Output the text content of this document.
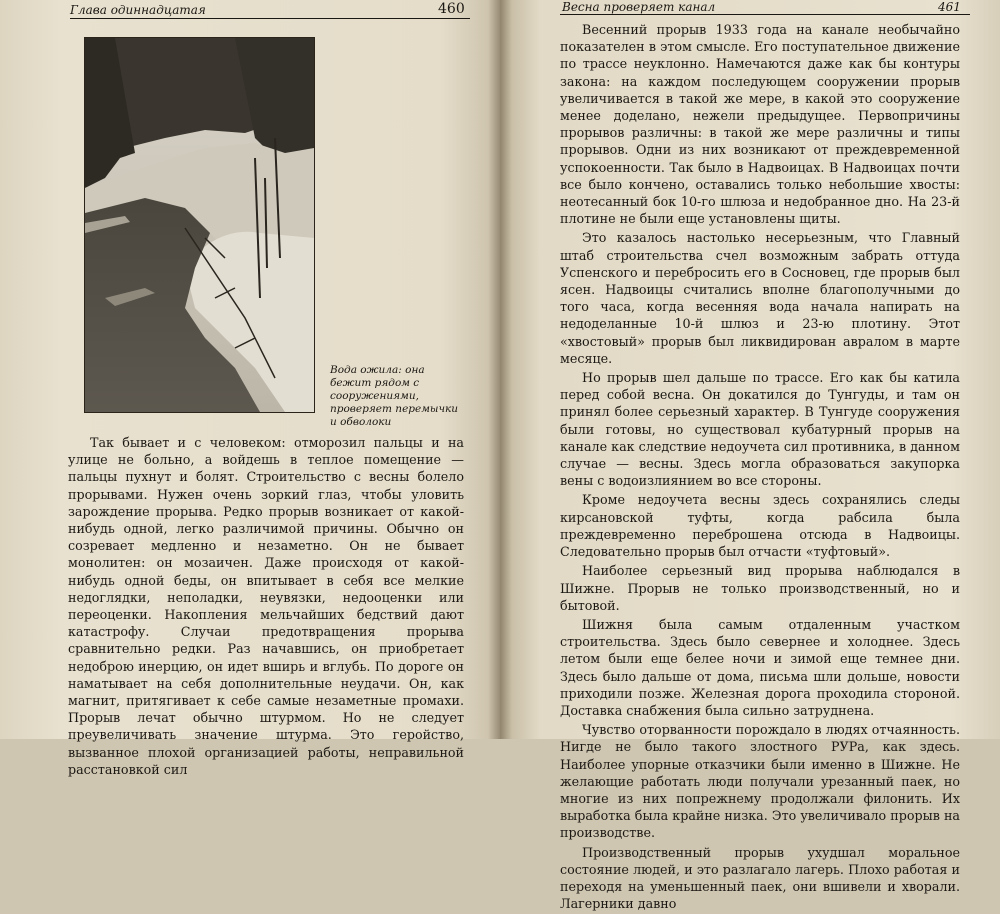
Глава одиннадцатая	460
Вода ожила: она бежит рядом с сооружениями, проверяет перемычки и обволоки

Так бывает и с человеком: отморозил пальцы и на улице не больно, а войдешь в теплое помещение — пальцы пухнут и болят. Строительство с весны болело прорывами. Нужен очень зоркий глаз, чтобы уловить зарождение прорыва. Редко прорыв возникает от какой-нибудь одной, легко различимой причины. Обычно он созревает медленно и незаметно. Он не бывает монолитен: он мозаичен. Даже происходя от какой-нибудь одной беды, он впитывает в себя все мелкие недоглядки, неполадки, неувязки, недооценки или переоценки. Накопления мельчайших бедствий дают катастрофу. Случаи предотвращения прорыва сравнительно редки. Раз начавшись, он приобретает недоброю инерцию, он идет вширь и вглубь. По дороге он наматывает на себя дополнительные неудачи. Он, как магнит, притягивает к себе самые незаметные промахи. Прорыв лечат обычно штурмом. Но не следует преувеличивать значение штурма. Это геройство, вызванное плохой организацией работы, неправильной расстановкой сил

Весна проверяет канал	461

Весенний прорыв 1933 года на канале необычайно показателен в этом смысле. Его поступательное движение по трассе неуклонно. Намечаются даже как бы контуры закона: на каждом последующем сооружении прорыв увеличивается в такой же мере, в какой это сооружение менее доделано, нежели предыдущее. Первопричины прорывов различны: в такой же мере различны и типы прорывов. Одни из них возникают от преждевременной успокоенности. Так было в Надвоицах. В Надвоицах почти все было кончено, оставались только небольшие хвосты: неотесанный бок 10-го шлюза и недобранное дно. На 23-й плотине не были еще установлены щиты.

Это казалось настолько несерьезным, что Главный штаб строительства счел возможным забрать оттуда Успенского и перебросить его в Сосновец, где прорыв был ясен. Надвоицы считались вполне благополучными до того часа, когда весенняя вода начала напирать на недоделанные 10-й шлюз и 23-ю плотину. Этот «хвостовый» прорыв был ликвидирован авралом в марте месяце.

Но прорыв шел дальше по трассе. Его как бы катила перед собой весна. Он докатился до Тунгуды, и там он принял более серьезный характер. В Тунгуде сооружения были готовы, но существовал кубатурный прорыв на канале как следствие недоучета сил противника, в данном случае — весны. Здесь могла образоваться закупорка вены с водоизлиянием во все стороны.

Кроме недоучета весны здесь сохранялись следы кирсановской туфты, когда рабсила была преждевременно переброшена отсюда в Надвоицы. Следовательно прорыв был отчасти «туфтовый».

Наиболее серьезный вид прорыва наблюдался в Шижне. Прорыв не только производственный, но и бытовой.

Шижня была самым отдаленным участком строительства. Здесь было севернее и холоднее. Здесь летом были еще белее ночи и зимой еще темнее дни. Здесь было дальше от дома, письма шли дольше, новости приходили позже. Железная дорога проходила стороной. Доставка снабжения была сильно затруднена.

Чувство оторванности порождало в людях отчаянность. Нигде не было такого злостного РУРа, как здесь. Наиболее упорные отказчики были именно в Шижне. Не желающие работать люди получали урезанный паек, но многие из них попрежнему продолжали филонить. Их выработка была крайне низка. Это увеличивало прорыв на производстве.

Производственный прорыв ухудшал моральное состояние людей, и это разлагало лагерь. Плохо работая и переходя на уменьшенный паек, они вшивели и хворали. Лагерники давно
